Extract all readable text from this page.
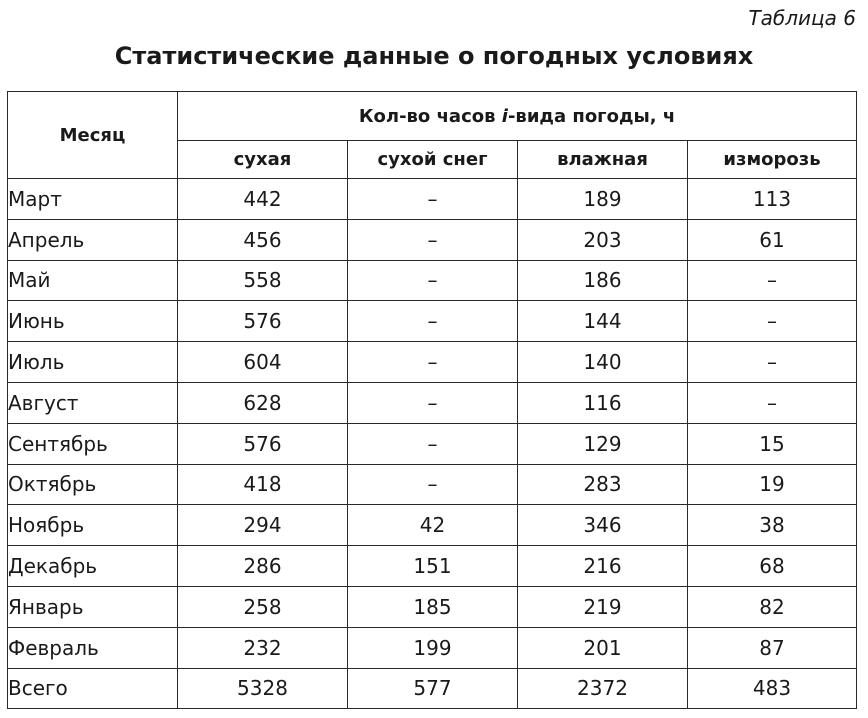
Таблица 6
Статистические данные о погодных условиях
Месяц	Кол-во часов i-вида погоды, ч			
	сухая	сухой снег	влажная	изморозь
Март	442	–	189	113
Апрель	456	–	203	61
Май	558	–	186	–
Июнь	576	–	144	–
Июль	604	–	140	–
Август	628	–	116	–
Сентябрь	576	–	129	15
Октябрь	418	–	283	19
Ноябрь	294	42	346	38
Декабрь	286	151	216	68
Январь	258	185	219	82
Февраль	232	199	201	87
Всего	5328	577	2372	483
